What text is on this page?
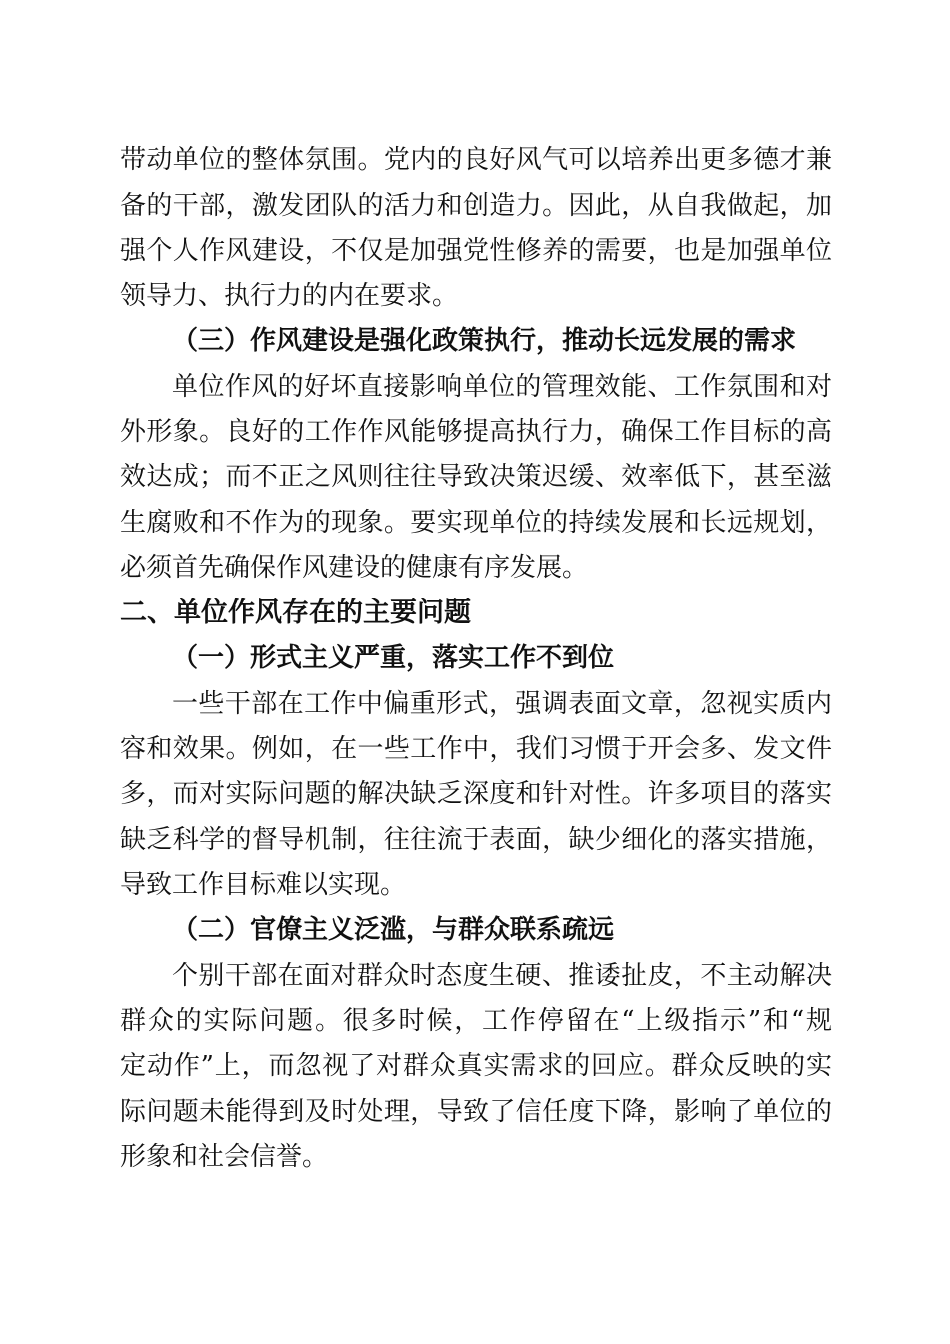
带动单位的整体氛围。党内的良好风气可以培养出更多德才兼
备的干部，激发团队的活力和创造力。因此，从自我做起，加
强个人作风建设，不仅是加强党性修养的需要，也是加强单位
领导力、执行力的内在要求。
（三）作风建设是强化政策执行，推动长远发展的需求
单位作风的好坏直接影响单位的管理效能、工作氛围和对
外形象。良好的工作作风能够提高执行力，确保工作目标的高
效达成；而不正之风则往往导致决策迟缓、效率低下，甚至滋
生腐败和不作为的现象。要实现单位的持续发展和长远规划，
必须首先确保作风建设的健康有序发展。
二、单位作风存在的主要问题
（一）形式主义严重，落实工作不到位
一些干部在工作中偏重形式，强调表面文章，忽视实质内
容和效果。例如，在一些工作中，我们习惯于开会多、发文件
多，而对实际问题的解决缺乏深度和针对性。许多项目的落实
缺乏科学的督导机制，往往流于表面，缺少细化的落实措施，
导致工作目标难以实现。
（二）官僚主义泛滥，与群众联系疏远
个别干部在面对群众时态度生硬、推诿扯皮，不主动解决
群众的实际问题。很多时候，工作停留在“上级指示”和“规
定动作”上，而忽视了对群众真实需求的回应。群众反映的实
际问题未能得到及时处理，导致了信任度下降，影响了单位的
形象和社会信誉。
